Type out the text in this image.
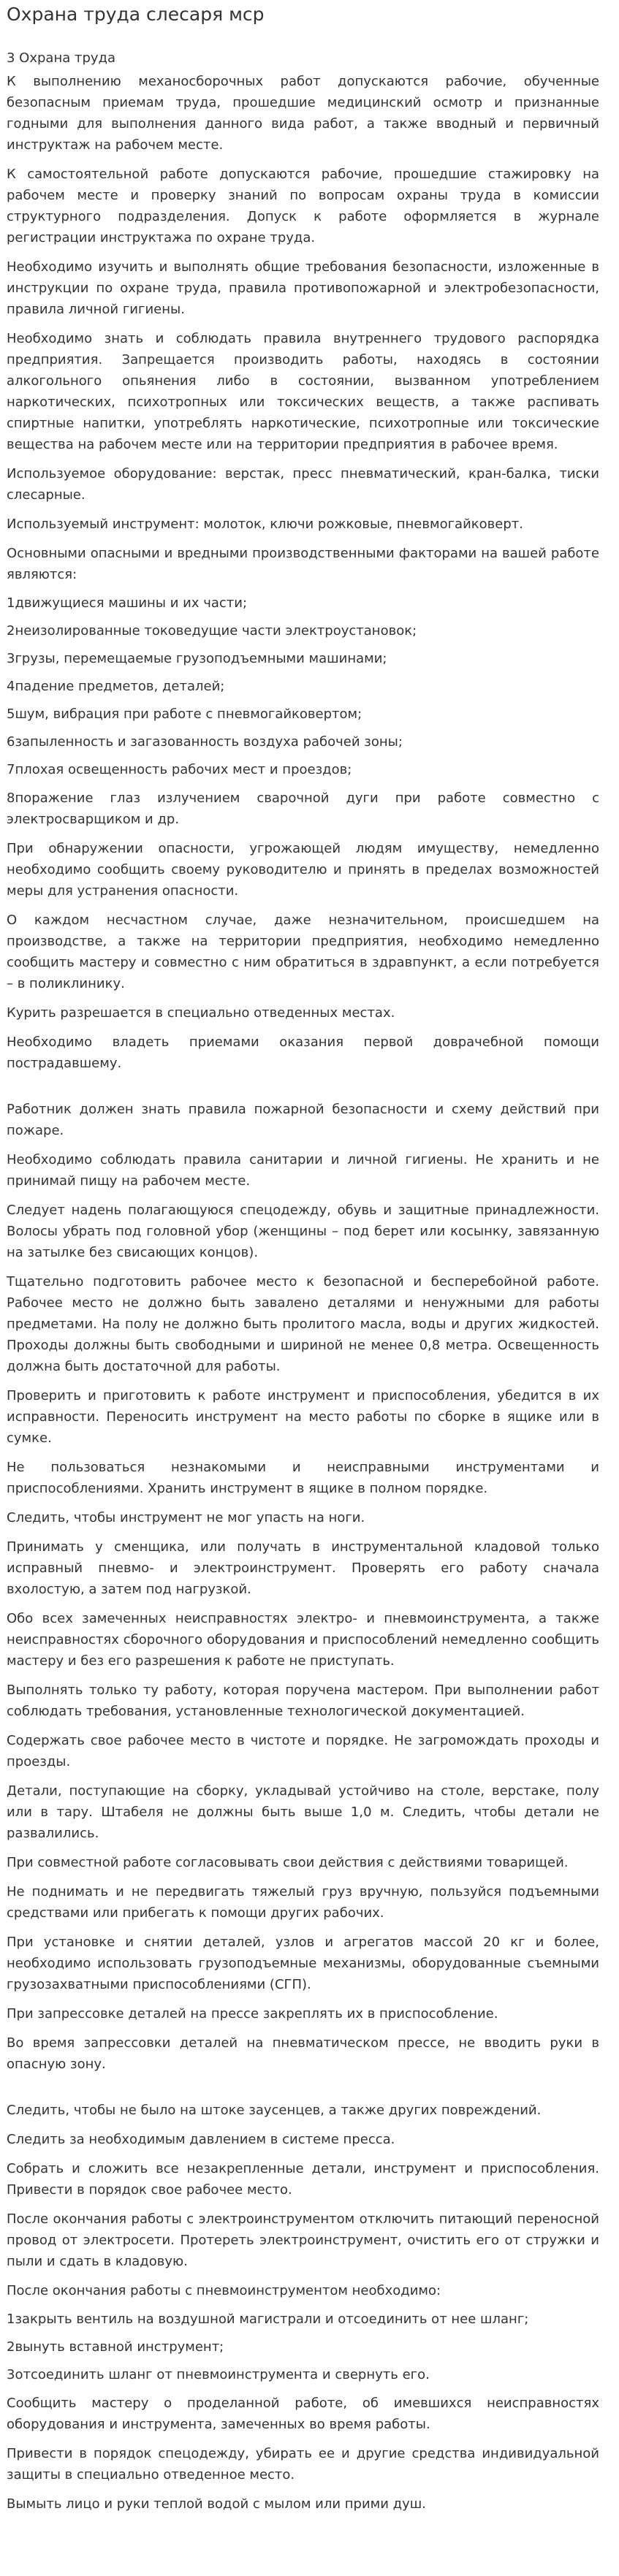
Охрана труда слесаря мср
3 Охрана труда

К выполнению механосборочных работ допускаются рабочие, обученные безопасным приемам труда, прошедшие медицинский осмотр и признанные годными для выполнения данного вида работ, а также вводный и первичный инструктаж на рабочем месте.

К самостоятельной работе допускаются рабочие, прошедшие стажировку на рабочем месте и проверку знаний по вопросам охраны труда в комиссии структурного подразделения. Допуск к работе оформляется в журнале регистрации инструктажа по охране труда.

Необходимо изучить и выполнять общие требования безопасности, изложенные в инструкции по охране труда, правила противопожарной и электробезопасности, правила личной гигиены.

Необходимо знать и соблюдать правила внутреннего трудового распорядка предприятия. Запрещается производить работы, находясь в состоянии алкогольного опьянения либо в состоянии, вызванном употреблением наркотических, психотропных или токсических веществ, а также распивать спиртные напитки, употреблять наркотические, психотропные или токсические вещества на рабочем месте или на территории предприятия в рабочее время.

Используемое оборудование: верстак, пресс пневматический, кран-балка, тиски слесарные.

Используемый инструмент: молоток, ключи рожковые, пневмогайковерт.

Основными опасными и вредными производственными факторами на вашей работе являются:

1движущиеся машины и их части;

2неизолированные токоведущие части электроустановок;

3грузы, перемещаемые грузоподъемными машинами;

4падение предметов, деталей;

5шум, вибрация при работе с пневмогайковертом;

6запыленность и загазованность воздуха рабочей зоны;

7плохая освещенность рабочих мест и проездов;

8поражение глаз излучением сварочной дуги при работе совместно с электросварщиком и др.

При обнаружении опасности, угрожающей людям имуществу, немедленно необходимо сообщить своему руководителю и принять в пределах возможностей меры для устранения опасности.

О каждом несчастном случае, даже незначительном, происшедшем на производстве, а также на территории предприятия, необходимо немедленно сообщить мастеру и совместно с ним обратиться в здравпункт, а если потребуется – в поликлинику.

Курить разрешается в специально отведенных местах.

Необходимо владеть приемами оказания первой доврачебной помощи пострадавшему.

Работник должен знать правила пожарной безопасности и схему действий при пожаре.

Необходимо соблюдать правила санитарии и личной гигиены. Не хранить и не принимай пищу на рабочем месте.

Следует надень полагающуюся спецодежду, обувь и защитные принадлежности. Волосы убрать под головной убор (женщины – под берет или косынку, завязанную на затылке без свисающих концов).

Тщательно подготовить рабочее место к безопасной и бесперебойной работе. Рабочее место не должно быть завалено деталями и ненужными для работы предметами. На полу не должно быть пролитого масла, воды и других жидкостей. Проходы должны быть свободными и шириной не менее 0,8 метра. Освещенность должна быть достаточной для работы.

Проверить и приготовить к работе инструмент и приспособления, убедится в их исправности. Переносить инструмент на место работы по сборке в ящике или в сумке.

Не пользоваться незнакомыми и неисправными инструментами и приспособлениями. Хранить инструмент в ящике в полном порядке.

Следить, чтобы инструмент не мог упасть на ноги.

Принимать у сменщика, или получать в инструментальной кладовой только исправный пневмо- и электроинструмент. Проверять его работу сначала вхолостую, а затем под нагрузкой.

Обо всех замеченных неисправностях электро- и пневмоинструмента, а также неисправностях сборочного оборудования и приспособлений немедленно сообщить мастеру и без его разрешения к работе не приступать.

Выполнять только ту работу, которая поручена мастером. При выполнении работ соблюдать требования, установленные технологической документацией.

Содержать свое рабочее место в чистоте и порядке. Не загромождать проходы и проезды.

Детали, поступающие на сборку, укладывай устойчиво на столе, верстаке, полу или в тару. Штабеля не должны быть выше 1,0 м. Следить, чтобы детали не развалились.

При совместной работе согласовывать свои действия с действиями товарищей.

Не поднимать и не передвигать тяжелый груз вручную, пользуйся подъемными средствами или прибегать к помощи других рабочих.

При установке и снятии деталей, узлов и агрегатов массой 20 кг и более, необходимо использовать грузоподъемные механизмы, оборудованные съемными грузозахватными приспособлениями (СГП).

При запрессовке деталей на прессе закреплять их в приспособление.

Во время запрессовки деталей на пневматическом прессе, не вводить руки в опасную зону.

Следить, чтобы не было на штоке заусенцев, а также других повреждений.

Следить за необходимым давлением в системе пресса.

Собрать и сложить все незакрепленные детали, инструмент и приспособления. Привести в порядок свое рабочее место.

После окончания работы с электроинструментом отключить питающий переносной провод от электросети. Протереть электроинструмент, очистить его от стружки и пыли и сдать в кладовую.

После окончания работы с пневмоинструментом необходимо:

1закрыть вентиль на воздушной магистрали и отсоединить от нее шланг;

2вынуть вставной инструмент;

3отсоединить шланг от пневмоинструмента и свернуть его.

Сообщить мастеру о проделанной работе, об имевшихся неисправностях оборудования и инструмента, замеченных во время работы.

Привести в порядок спецодежду, убирать ее и другие средства индивидуальной защиты в специально отведенное место.

Вымыть лицо и руки теплой водой с мылом или прими душ.
